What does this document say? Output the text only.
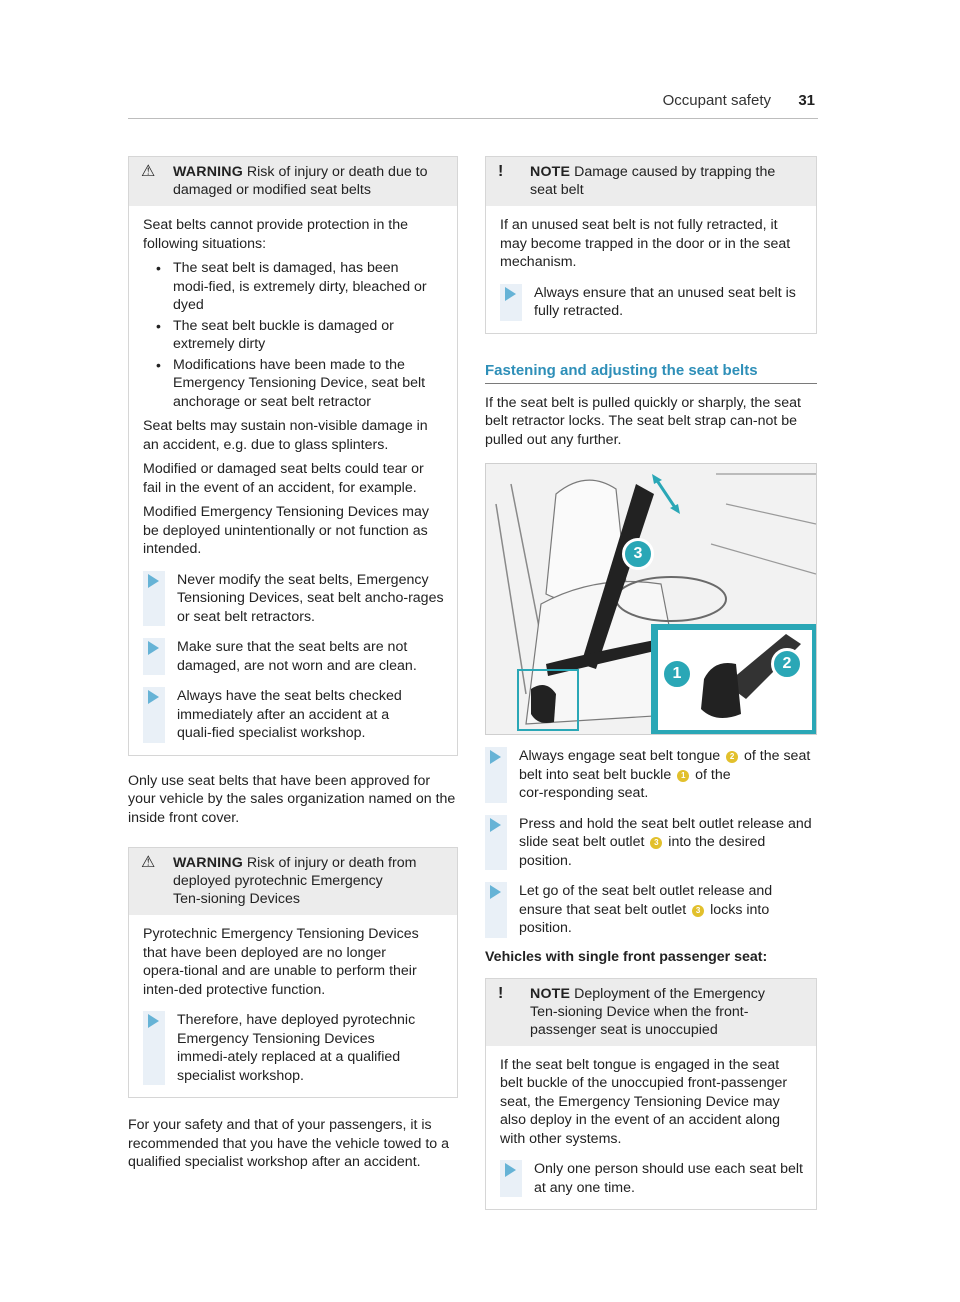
Occupant safety 31
⚠ WARNING Risk of injury or death due to damaged or modified seat belts

Seat belts cannot provide protection in the following situations:

• The seat belt is damaged, has been modi‑fied, is extremely dirty, bleached or dyed
• The seat belt buckle is damaged or extremely dirty
• Modifications have been made to the Emergency Tensioning Device, seat belt anchorage or seat belt retractor

Seat belts may sustain non-visible damage in an accident, e.g. due to glass splinters.

Modified or damaged seat belts could tear or fail in the event of an accident, for example.

Modified Emergency Tensioning Devices may be deployed unintentionally or not function as intended.

Never modify the seat belts, Emergency Tensioning Devices, seat belt ancho‑rages or seat belt retractors.
Make sure that the seat belts are not damaged, are not worn and are clean.
Always have the seat belts checked immediately after an accident at a quali‑fied specialist workshop.

Only use seat belts that have been approved for your vehicle by the sales organization named on the inside front cover.

⚠ WARNING Risk of injury or death from deployed pyrotechnic Emergency Ten‑sioning Devices

Pyrotechnic Emergency Tensioning Devices that have been deployed are no longer opera‑tional and are unable to perform their inten‑ded protective function.

Therefore, have deployed pyrotechnic Emergency Tensioning Devices immedi‑ately replaced at a qualified specialist workshop.

For your safety and that of your passengers, it is recommended that you have the vehicle towed to a qualified specialist workshop after an accident.

! NOTE Damage caused by trapping the seat belt

If an unused seat belt is not fully retracted, it may become trapped in the door or in the seat mechanism.

Always ensure that an unused seat belt is fully retracted.
Fastening and adjusting the seat belts

If the seat belt is pulled quickly or sharply, the seat belt retractor locks. The seat belt strap can‑not be pulled out any further.

3
1
2
Always engage seat belt tongue 2 of the seat belt into seat belt buckle 1 of the cor‑responding seat.
Press and hold the seat belt outlet release and slide seat belt outlet 3 into the desired position.
Let go of the seat belt outlet release and ensure that seat belt outlet 3 locks into position.

Vehicles with single front passenger seat:

! NOTE Deployment of the Emergency Ten‑sioning Device when the front-passenger seat is unoccupied

If the seat belt tongue is engaged in the seat belt buckle of the unoccupied front-passenger seat, the Emergency Tensioning Device may also deploy in the event of an accident along with other systems.

Only one person should use each seat belt at any one time.
